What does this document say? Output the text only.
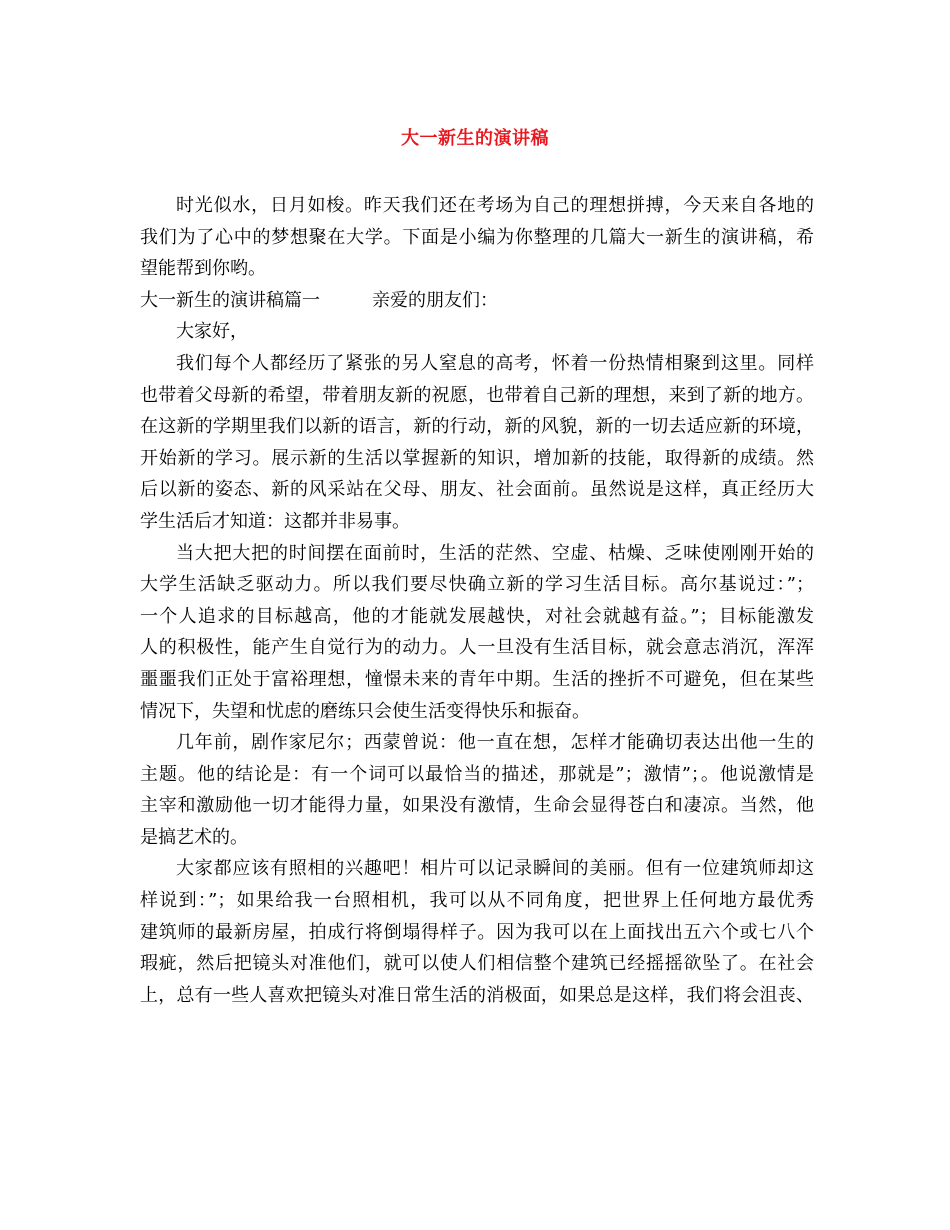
大一新生的演讲稿
时光似水，日月如梭。昨天我们还在考场为自己的理想拼搏，今天来自各地的
我们为了心中的梦想聚在大学。下面是小编为你整理的几篇大一新生的演讲稿，希
望能帮到你哟。
大一新生的演讲稿篇一	亲爱的朋友们：
大家好，
我们每个人都经历了紧张的另人窒息的高考，怀着一份热情相聚到这里。同样
也带着父母新的希望，带着朋友新的祝愿，也带着自己新的理想，来到了新的地方。
在这新的学期里我们以新的语言，新的行动，新的风貌，新的一切去适应新的环境，
开始新的学习。展示新的生活以掌握新的知识，增加新的技能，取得新的成绩。然
后以新的姿态、新的风采站在父母、朋友、社会面前。虽然说是这样，真正经历大
学生活后才知道：这都并非易事。
当大把大把的时间摆在面前时，生活的茫然、空虚、枯燥、乏味使刚刚开始的
大学生活缺乏驱动力。所以我们要尽快确立新的学习生活目标。高尔基说过：”；
一个人追求的目标越高，他的才能就发展越快，对社会就越有益。”；目标能激发
人的积极性，能产生自觉行为的动力。人一旦没有生活目标，就会意志消沉，浑浑
噩噩我们正处于富裕理想，憧憬未来的青年中期。生活的挫折不可避免，但在某些
情况下，失望和忧虑的磨练只会使生活变得快乐和振奋。
几年前，剧作家尼尔；西蒙曾说：他一直在想，怎样才能确切表达出他一生的
主题。他的结论是：有一个词可以最恰当的描述，那就是”；激情”；。他说激情是
主宰和激励他一切才能得力量，如果没有激情，生命会显得苍白和凄凉。当然，他
是搞艺术的。
大家都应该有照相的兴趣吧！相片可以记录瞬间的美丽。但有一位建筑师却这
样说到：”；如果给我一台照相机，我可以从不同角度，把世界上任何地方最优秀
建筑师的最新房屋，拍成行将倒塌得样子。因为我可以在上面找出五六个或七八个
瑕疵，然后把镜头对准他们，就可以使人们相信整个建筑已经摇摇欲坠了。在社会
上，总有一些人喜欢把镜头对准日常生活的消极面，如果总是这样，我们将会沮丧、
